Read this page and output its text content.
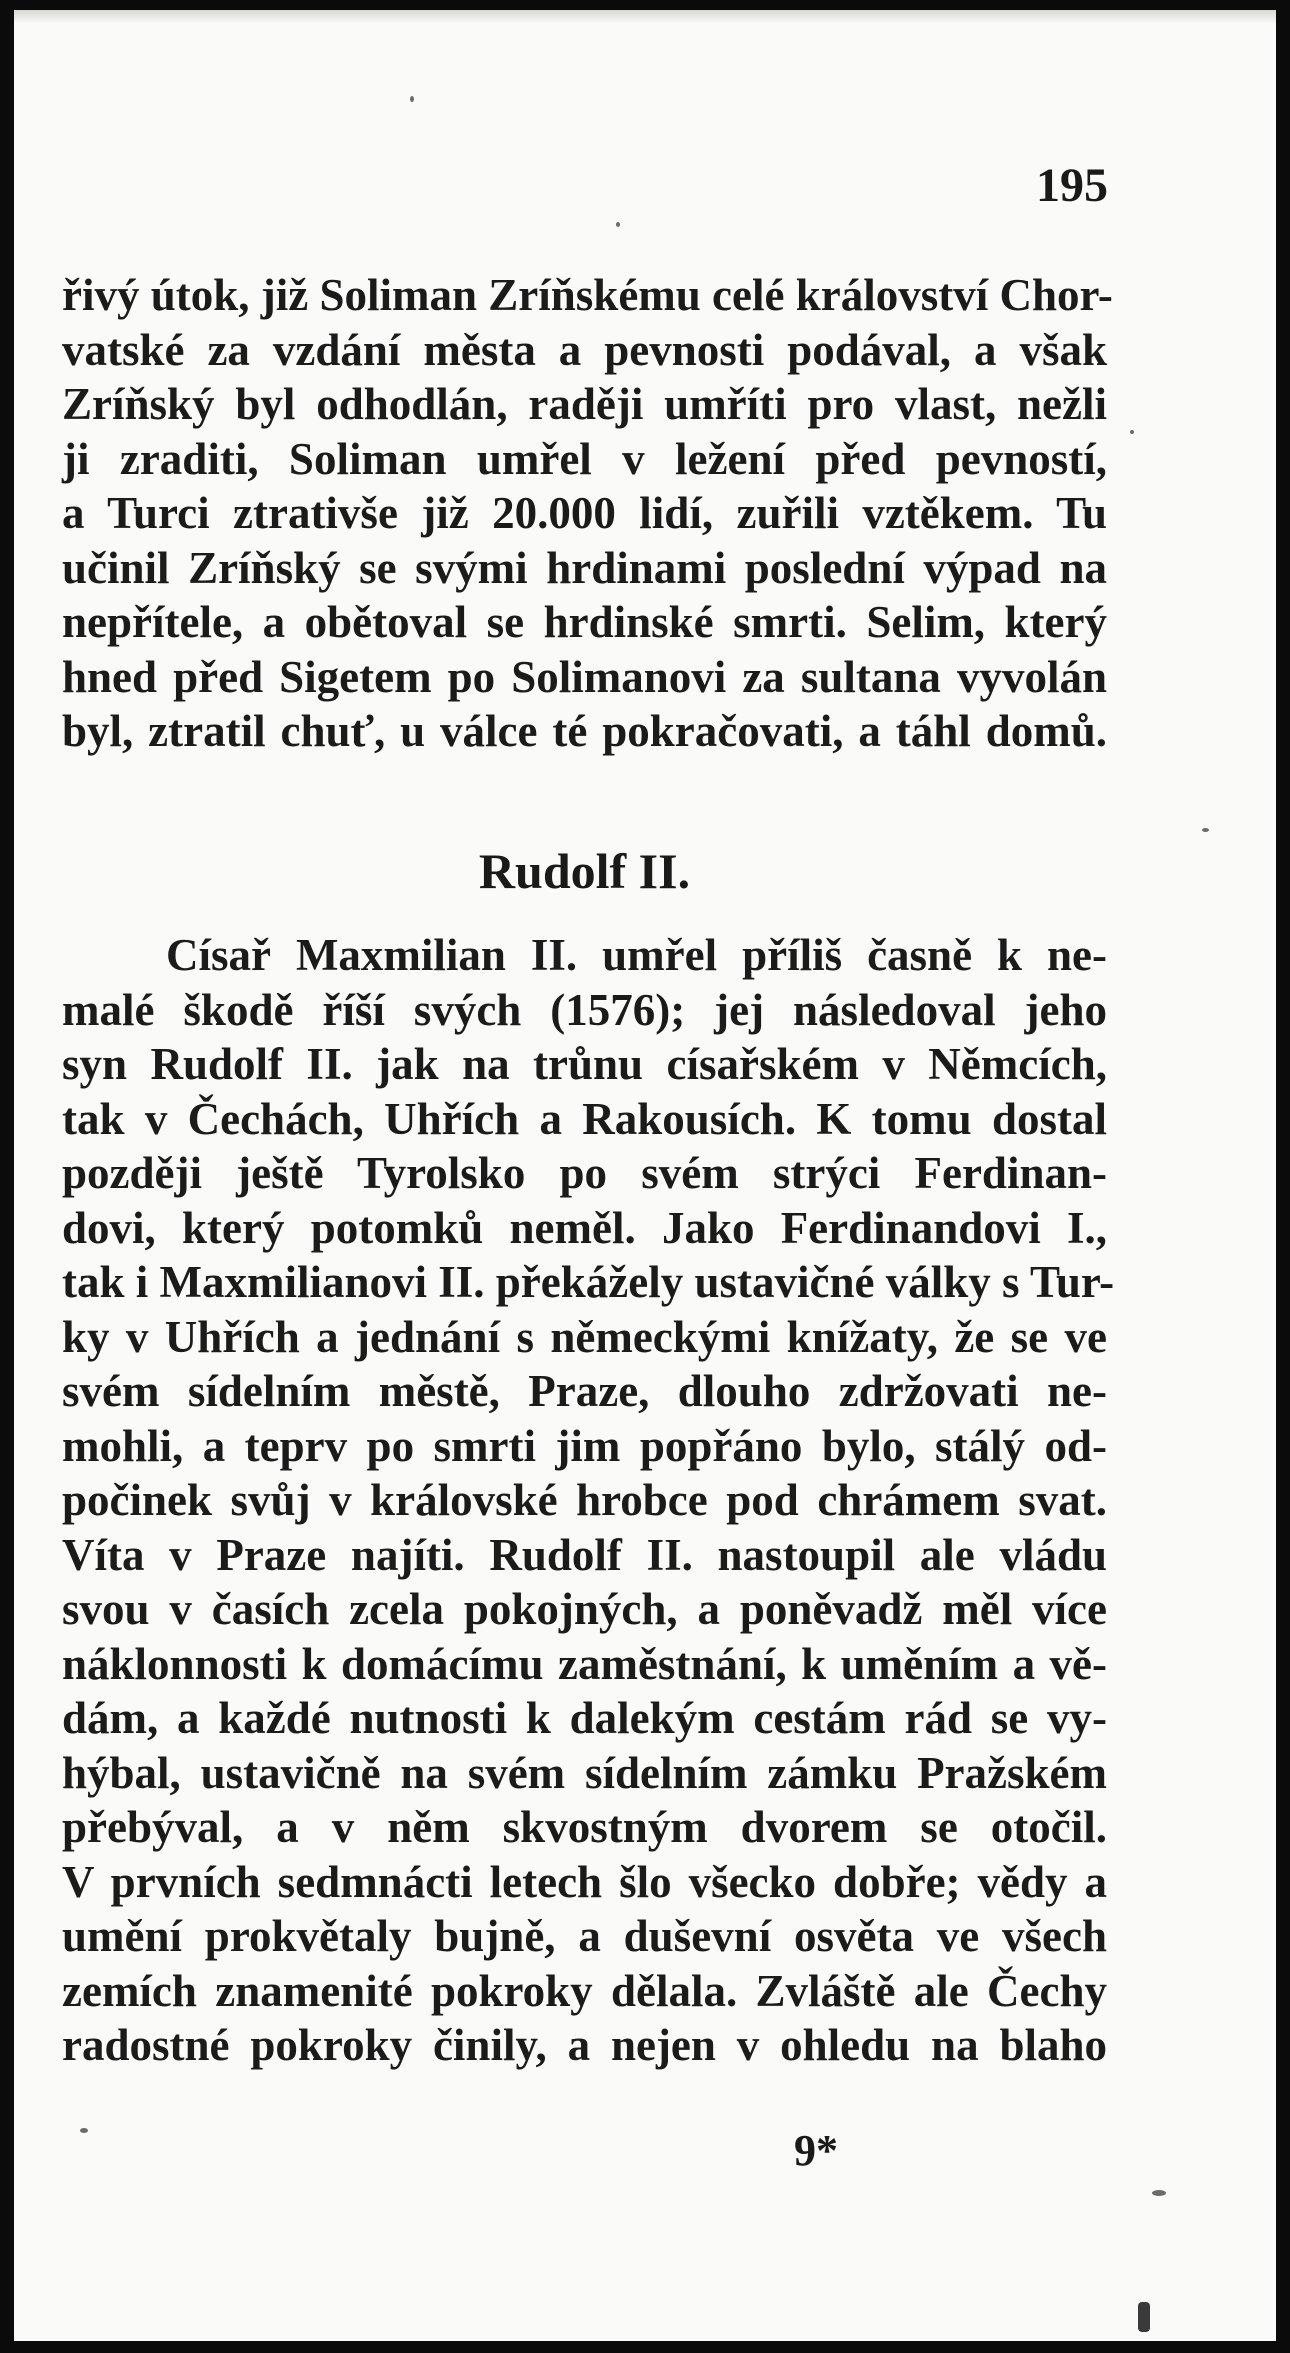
195
řivý útok, již Soliman Zríňskému celé království Chor-
vatské za vzdání města a pevnosti podával, a však
Zríňský byl odhodlán, raději umříti pro vlast, nežli
ji zraditi, Soliman umřel v ležení před pevností,
a Turci ztrativše již 20.000 lidí, zuřili vztěkem. Tu
učinil Zríňský se svými hrdinami poslední výpad na
nepřítele, a obětoval se hrdinské smrti. Selim, který
hned před Sigetem po Solimanovi za sultana vyvolán
byl, ztratil chuť, u válce té pokračovati, a táhl domů.
Rudolf II.
Císař Maxmilian II. umřel příliš časně k ne-
malé škodě říší svých (1576); jej následoval jeho
syn Rudolf II. jak na trůnu císařském v Němcích,
tak v Čechách, Uhřích a Rakousích. K tomu dostal
později ještě Tyrolsko po svém strýci Ferdinan-
dovi, který potomků neměl. Jako Ferdinandovi I.,
tak i Maxmilianovi II. překážely ustavičné války s Tur-
ky v Uhřích a jednání s německými knížaty, že se ve
svém sídelním městě, Praze, dlouho zdržovati ne-
mohli, a teprv po smrti jim popřáno bylo, stálý od-
počinek svůj v královské hrobce pod chrámem svat.
Víta v Praze najíti. Rudolf II. nastoupil ale vládu
svou v časích zcela pokojných, a poněvadž měl více
náklonnosti k domácímu zaměstnání, k uměním a vě-
dám, a každé nutnosti k dalekým cestám rád se vy-
hýbal, ustavičně na svém sídelním zámku Pražském
přebýval, a v něm skvostným dvorem se otočil.
V prvních sedmnácti letech šlo všecko dobře; vědy a
umění prokvětaly bujně, a duševní osvěta ve všech
zemích znamenité pokroky dělala. Zvláště ale Čechy
radostné pokroky činily, a nejen v ohledu na blaho
9*
